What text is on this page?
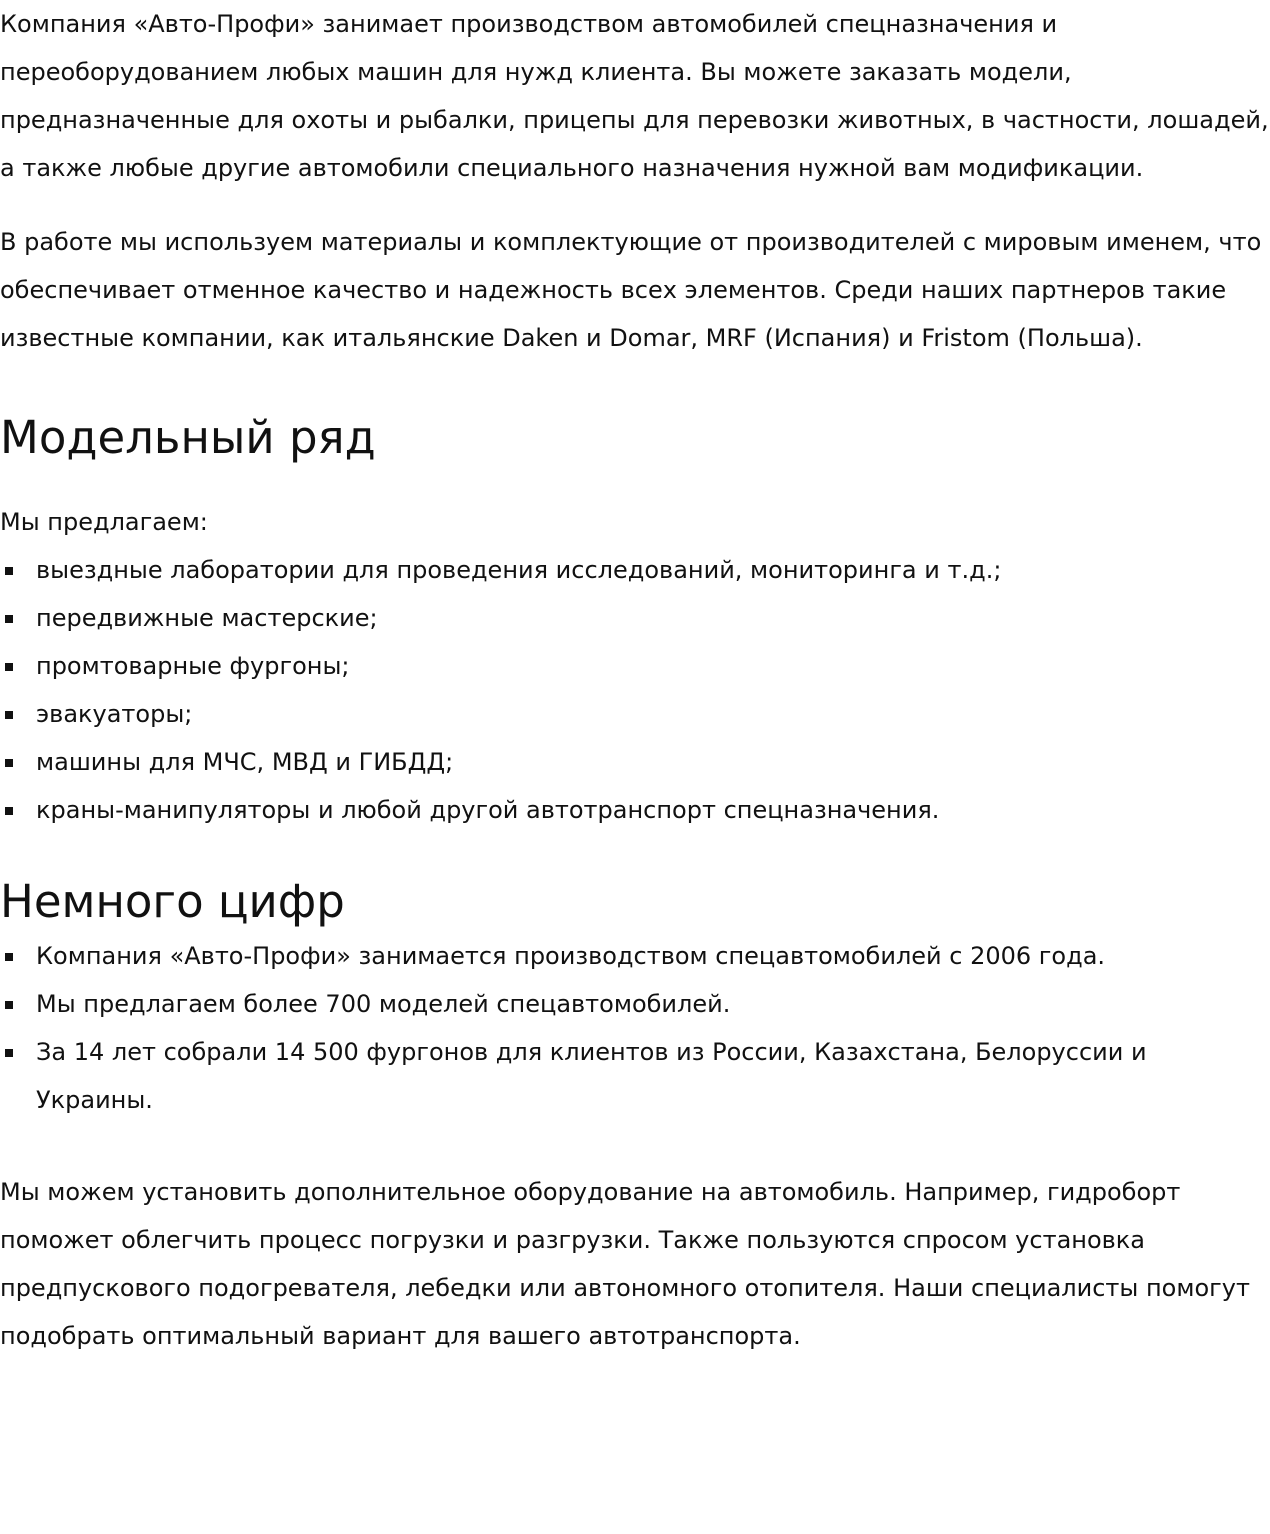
Компания «Авто-Профи» занимает производством автомобилей спецназначения и переоборудованием любых машин для нужд клиента. Вы можете заказать модели, предназначенные для охоты и рыбалки, прицепы для перевозки животных, в частности, лошадей, а также любые другие автомобили специального назначения нужной вам модификации.

В работе мы используем материалы и комплектующие от производителей с мировым именем, что обеспечивает отменное качество и надежность всех элементов. Среди наших партнеров такие известные компании, как итальянские Daken и Domar, MRF (Испания) и Fristom (Польша).

Модельный ряд

Мы предлагаем:

выездные лаборатории для проведения исследований, мониторинга и т.д.;
передвижные мастерские;
промтоварные фургоны;
эвакуаторы;
машины для МЧС, МВД и ГИБДД;
краны-манипуляторы и любой другой автотранспорт спецназначения.
Немного цифр
Компания «Авто-Профи» занимается производством спецавтомобилей с 2006 года.
Мы предлагаем более 700 моделей спецавтомобилей.
За 14 лет собрали 14 500 фургонов для клиентов из России, Казахстана, Белоруссии и Украины.

Мы можем установить дополнительное оборудование на автомобиль. Например, гидроборт поможет облегчить процесс погрузки и разгрузки. Также пользуются спросом установка предпускового подогревателя, лебедки или автономного отопителя. Наши специалисты помогут подобрать оптимальный вариант для вашего автотранспорта.
